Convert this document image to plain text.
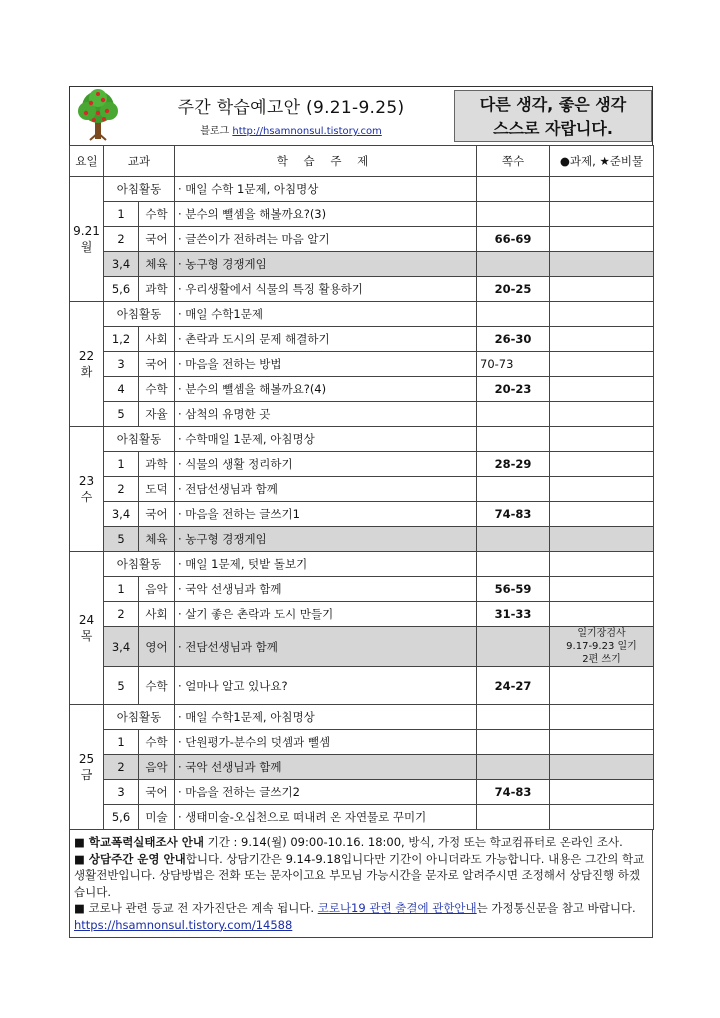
주간 학습예고안 (9.21-9.25)
블로그 http://hsamnonsul.tistory.com
다른 생각, 좋은 생각
스스로 자랍니다.
요일	교과		학 습 주 제	쪽수	●과제, ★준비물

9.21
월	아침활동		· 매일 수학 1문제, 아침명상		
	1	수학	· 분수의 뺄셈을 해볼까요?(3)		
	2	국어	· 글쓴이가 전하려는 마음 알기	66-69	
	3,4	체육	· 농구형 경쟁게임		
	5,6	과학	· 우리생활에서 식물의 특징 활용하기	20-25	

22
화	아침활동		· 매일 수학1문제		
	1,2	사회	· 촌락과 도시의 문제 해결하기	26-30	
	3	국어	· 마음을 전하는 방법	70-73	
	4	수학	· 분수의 뺄셈을 해볼까요?(4)	20-23	
	5	자율	· 삼척의 유명한 곳		

23
수	아침활동		· 수학매일 1문제, 아침명상		
	1	과학	· 식물의 생활 정리하기	28-29	
	2	도덕	· 전담선생님과 함께		
	3,4	국어	· 마음을 전하는 글쓰기1	74-83	
	5	체육	· 농구형 경쟁게임		

24
목	아침활동		· 매일 1문제, 텃밭 돌보기		
	1	음악	· 국악 선생님과 함께	56-59	
	2	사회	· 살기 좋은 촌락과 도시 만들기	31-33	
	3,4	영어	· 전담선생님과 함께		일기장검사
9.17-9.23 일기
2편 쓰기

	5	수학	· 얼마나 알고 있나요?	24-27	

25
금	아침활동		· 매일 수학1문제, 아침명상		
	1	수학	· 단원평가-분수의 덧셈과 뺄셈		
	2	음악	· 국악 선생님과 함께		
	3	국어	· 마음을 전하는 글쓰기2	74-83	
	5,6	미술	· 생태미술-오십천으로 떠내려 온 자연물로 꾸미기		

■ 학교폭력실태조사 안내 기간 : 9.14(월) 09:00-10.16. 18:00, 방식, 가정 또는 학교컴퓨터로 온라인 조사.

■ 상담주간 운영 안내합니다. 상담기간은 9.14-9.18입니다만 기간이 아니더라도 가능합니다. 내용은 그간의 학교생활전반입니다. 상담방법은 전화 또는 문자이고요 부모님 가능시간을 문자로 알려주시면 조정해서 상담진행 하겠습니다.

■ 코로나 관련 등교 전 자가진단은 계속 됩니다. 코로나19 관련 출결에 관한안내는 가정통신문을 참고 바랍니다. https://hsamnonsul.tistory.com/14588
